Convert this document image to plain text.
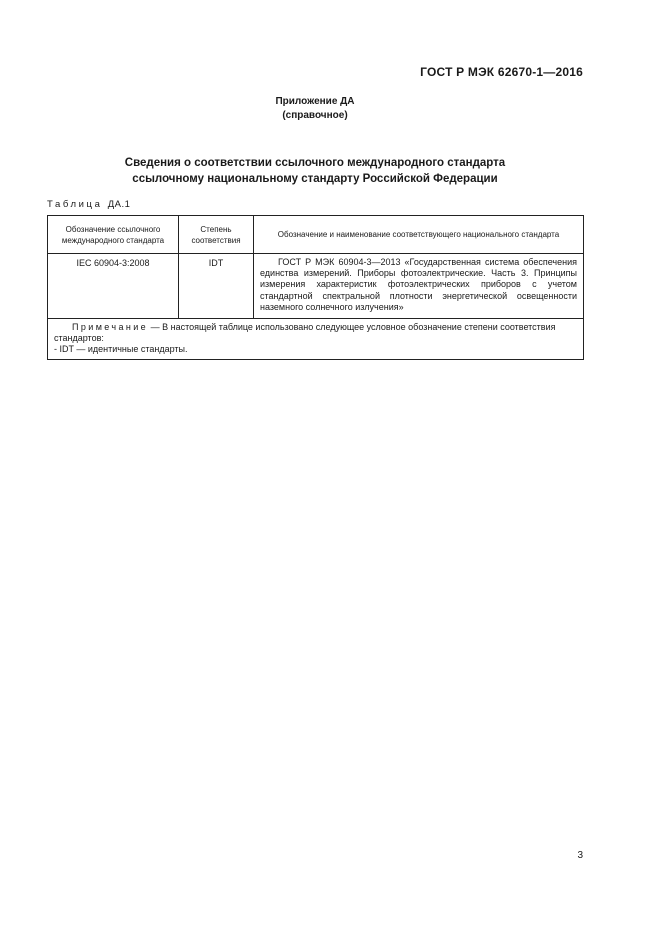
ГОСТ Р МЭК 62670-1—2016
Приложение ДА
(справочное)
Сведения о соответствии ссылочного международного стандарта
ссылочному национальному стандарту Российской Федерации
Таблица ДА.1
Обозначение ссылочного международного стандарта	Степень соответствия	Обозначение и наименование соответствующего национального стандарта
IEC 60904-3:2008	IDT	ГОСТ Р МЭК 60904-3—2013 «Государственная система обеспечения единства измерений. Приборы фотоэлектрические. Часть 3. Принципы измерения характеристик фотоэлектрических приборов с учетом стандартной спектральной плотности энергетической освещенности наземного солнечного излучения»
Примечание — В настоящей таблице использовано следующее условное обозначение степени соответствия стандартов:
- IDT — идентичные стандарты.		
3
